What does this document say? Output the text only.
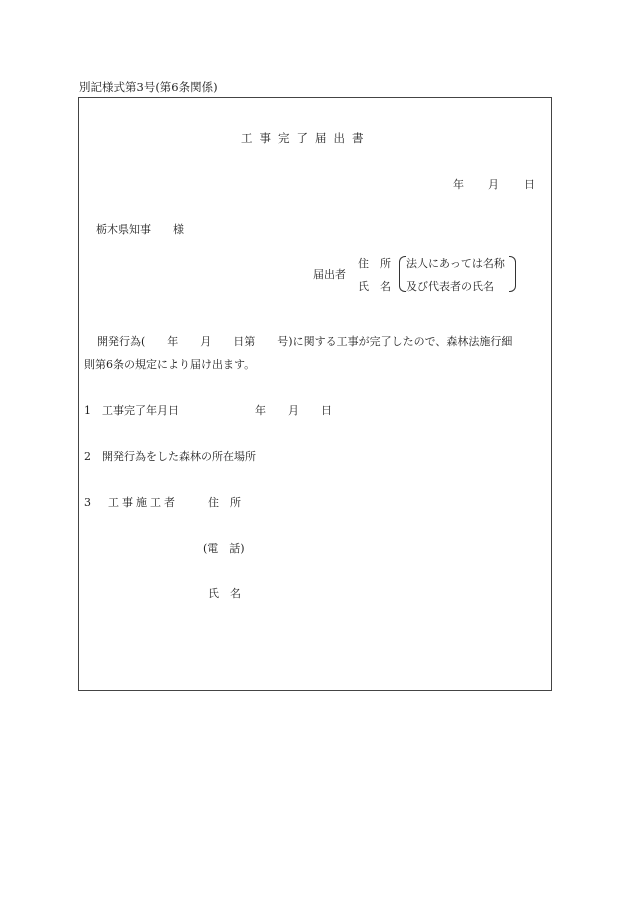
別記様式第3号(第6条関係)
工事完了届出書
年 月 日
栃木県知事　　様
届出者
住　所
氏　名
法人にあっては名称
及び代表者の氏名
開発行為(　　年　　月　　日第　　号)に関する工事が完了したので、森林法施行細
則第6条の規定により届け出ます。
1　工事完了年月日	年　　月　　日
2　開発行為をした森林の所在場所
3　工事施工者	住　所
(電　話)
氏　名
